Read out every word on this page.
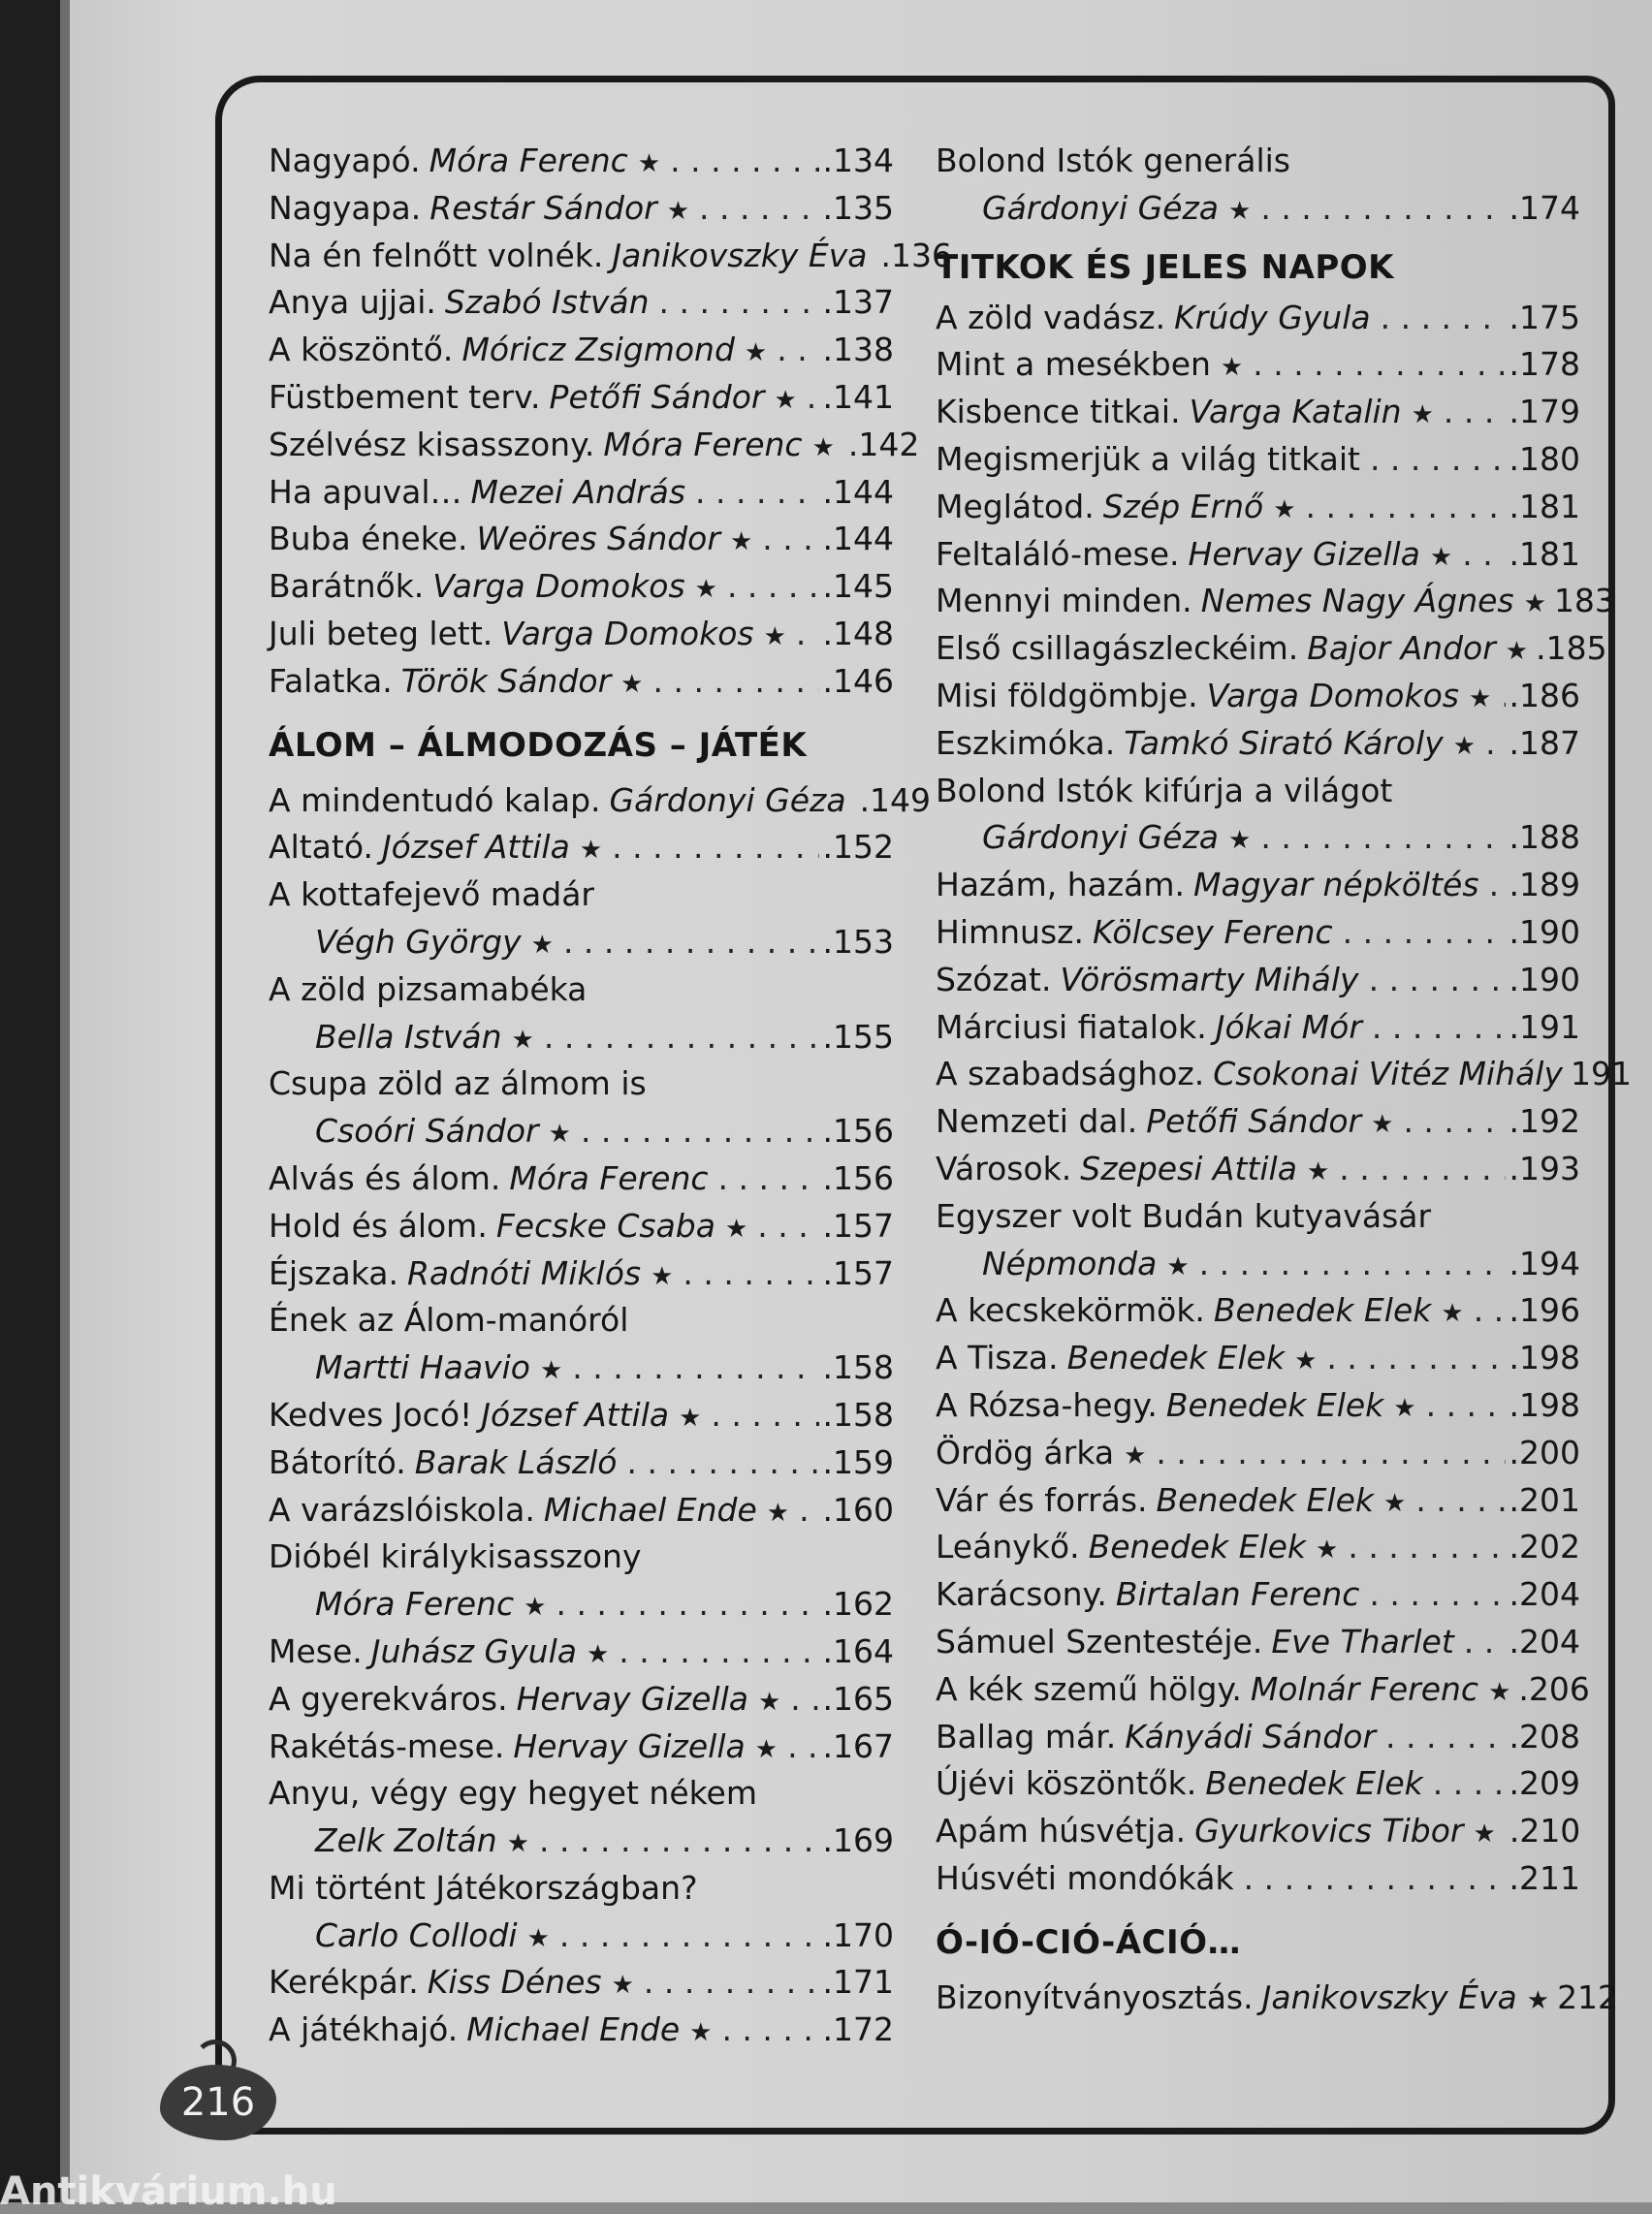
Nagyapó. Móra Ferenc ★ . . .	.134
Nagyapa. Restár Sándor ★ . . .	.135
Na én felnőtt volnék. Janikovszky Éva .136
Anya ujjai. Szabó István . . .	.137
A köszöntő. Móricz Zsigmond ★ . . . .138
Füstbement terv. Petőfi Sándor ★ . . . .141
Szélvész kisasszony. Móra Ferenc ★ .142
Ha apuval… Mezei András . . .	.144
Buba éneke. Weöres Sándor ★ . . . .144
Barátnők. Varga Domokos ★ . . .	.145
Juli beteg lett. Varga Domokos ★ . . . .148
Falatka. Török Sándor ★ . . .	.146
ÁLOM – ÁLMODOZÁS – JÁTÉK
A mindentudó kalap. Gárdonyi Géza .149
Altató. József Attila ★ . . .	.152
A kottafejevő madár
Végh György ★ . . .	.153
A zöld pizsamabéka
Bella István ★ . . .	.155
Csupa zöld az álmom is
Csoóri Sándor ★ . . .	.156
Alvás és álom. Móra Ferenc . . .	.156
Hold és álom. Fecske Csaba ★ . . . .157
Éjszaka. Radnóti Miklós ★ . . .	.157
Ének az Álom-manóról
Martti Haavio ★ . . .	.158
Kedves Jocó! József Attila ★ . . .	.158
Bátorító. Barak László . . .	.159
A varázslóiskola. Michael Ende ★ . . . .160
Dióbél királykisasszony
Móra Ferenc ★ . . .	.162
Mese. Juhász Gyula ★ . . .	.164
A gyerekváros. Hervay Gizella ★ . . . .165
Rakétás-mese. Hervay Gizella ★ . . . .167
Anyu, végy egy hegyet nékem
Zelk Zoltán ★ . . .	.169
Mi történt Játékországban?
Carlo Collodi ★ . . .	.170
Kerékpár. Kiss Dénes ★ . . .	.171
A játékhajó. Michael Ende ★ . . .	.172
Bolond Istók generális
Gárdonyi Géza ★ . . .	.174
TITKOK ÉS JELES NAPOK
A zöld vadász. Krúdy Gyula . . .	.175
Mint a mesékben ★ . . .	.178
Kisbence titkai. Varga Katalin ★ . . . .179
Megismerjük a világ titkait . . .	.180
Meglátod. Szép Ernő ★ . . .	.181
Feltaláló-mese. Hervay Gizella ★ . . . .181
Mennyi minden. Nemes Nagy Ágnes ★ 183
Első csillagászleckéim. Bajor Andor ★ .185
Misi földgömbje. Varga Domokos ★ . . . .186
Eszkimóka. Tamkó Sirató Károly ★ . . . .187
Bolond Istók kifúrja a világot
Gárdonyi Géza ★ . . .	.188
Hazám, hazám. Magyar népköltés . . . .189
Himnusz. Kölcsey Ferenc . . .	.190
Szózat. Vörösmarty Mihály . . .	.190
Márciusi fiatalok. Jókai Mór . . .	.191
A szabadsághoz. Csokonai Vitéz Mihály 191
Nemzeti dal. Petőfi Sándor ★ . . .	.192
Városok. Szepesi Attila ★ . . .	.193
Egyszer volt Budán kutyavásár
Népmonda ★ . . .	.194
A kecskekörmök. Benedek Elek ★ . . . .196
A Tisza. Benedek Elek ★ . . .	.198
A Rózsa-hegy. Benedek Elek ★ . . .	.198
Ördög árka ★ . . .	.200
Vár és forrás. Benedek Elek ★ . . .	.201
Leánykő. Benedek Elek ★ . . .	.202
Karácsony. Birtalan Ferenc . . .	.204
Sámuel Szentestéje. Eve Tharlet . . . .204
A kék szemű hölgy. Molnár Ferenc ★ .206
Ballag már. Kányádi Sándor . . .	.208
Újévi köszöntők. Benedek Elek . . .	.209
Apám húsvétja. Gyurkovics Tibor ★ .210
Húsvéti mondókák . . .	.211
Ó-IÓ-CIÓ-ÁCIÓ…
Bizonyítványosztás. Janikovszky Éva ★ 212
216
Antikvárium.hu
